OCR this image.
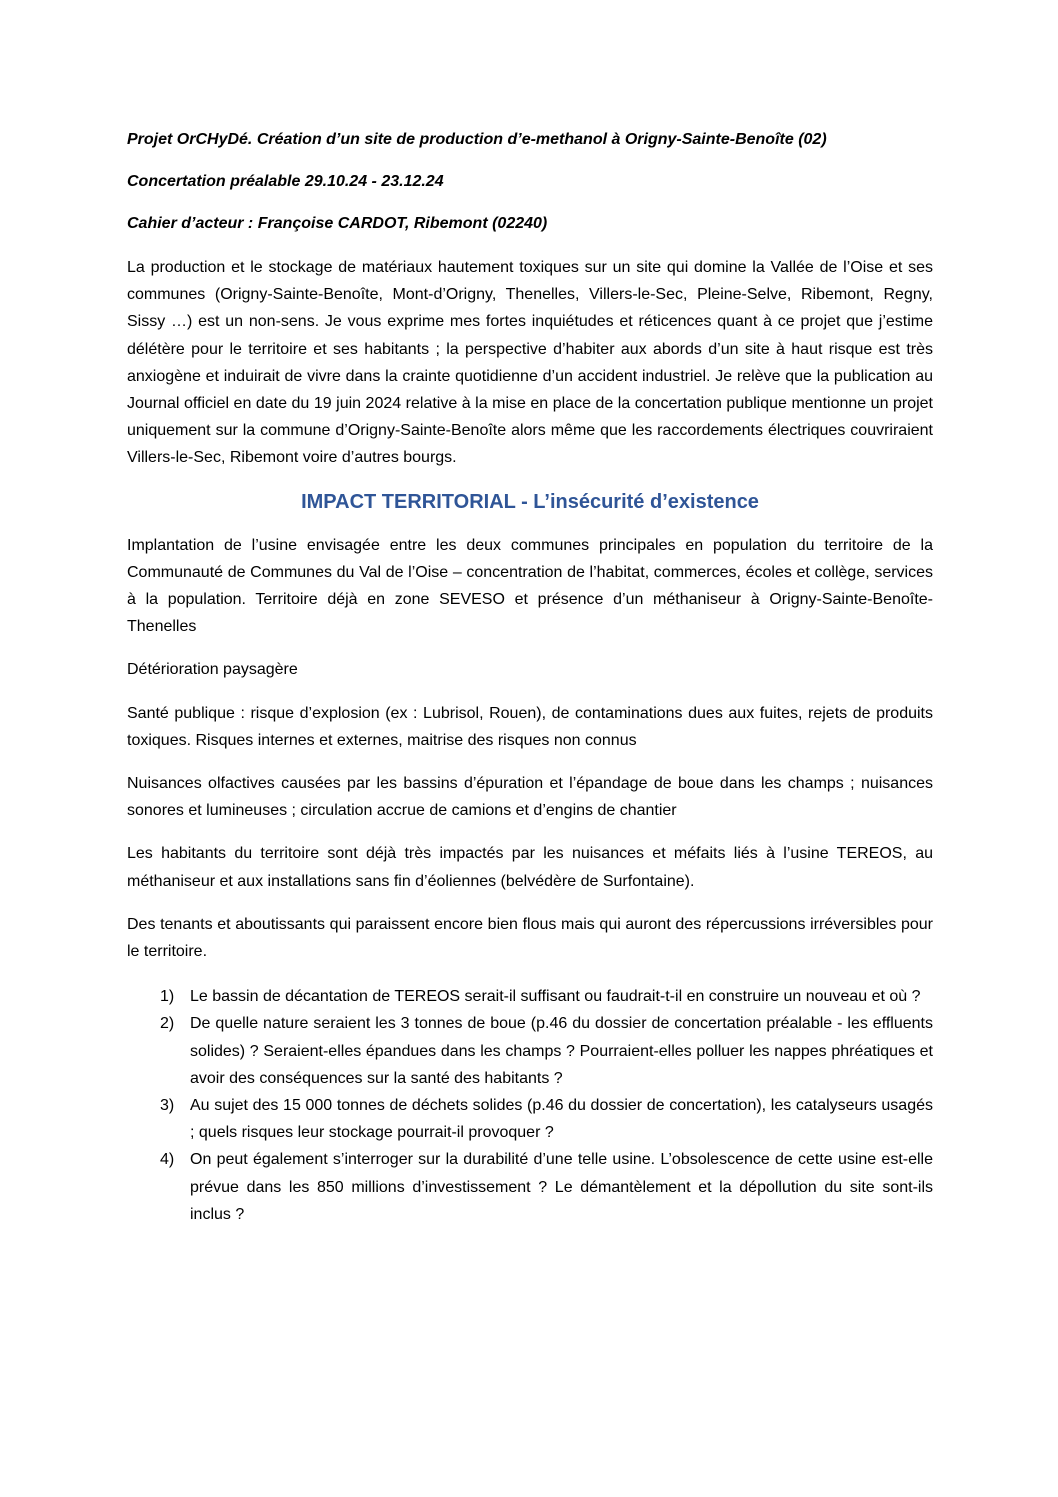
Projet OrCHyDé. Création d’un site de production d’e-methanol à Origny-Sainte-Benoîte (02)

Concertation préalable 29.10.24 - 23.12.24

Cahier d’acteur : Françoise CARDOT, Ribemont (02240)

La production et le stockage de matériaux hautement toxiques sur un site qui domine la Vallée de l’Oise et ses communes (Origny-Sainte-Benoîte, Mont-d’Origny, Thenelles, Villers-le-Sec, Pleine-Selve, Ribemont, Regny, Sissy …) est un non-sens. Je vous exprime mes fortes inquiétudes et réticences quant à ce projet que j’estime délétère pour le territoire et ses habitants ; la perspective d’habiter aux abords d’un site à haut risque est très anxiogène et induirait de vivre dans la crainte quotidienne d’un accident industriel. Je relève que la publication au Journal officiel en date du 19 juin 2024 relative à la mise en place de la concertation publique mentionne un projet uniquement sur la commune d’Origny-Sainte-Benoîte alors même que les raccordements électriques couvriraient Villers-le-Sec, Ribemont voire d’autres bourgs.

IMPACT TERRITORIAL - L’insécurité d’existence

Implantation de l’usine envisagée entre les deux communes principales en population du territoire de la Communauté de Communes du Val de l’Oise – concentration de l’habitat, commerces, écoles et collège, services à la population. Territoire déjà en zone SEVESO et présence d’un méthaniseur à Origny-Sainte-Benoîte-Thenelles

Détérioration paysagère

Santé publique : risque d’explosion (ex : Lubrisol, Rouen), de contaminations dues aux fuites, rejets de produits toxiques. Risques internes et externes, maitrise des risques non connus

Nuisances olfactives causées par les bassins d’épuration et l’épandage de boue dans les champs ; nuisances sonores et lumineuses ; circulation accrue de camions et d’engins de chantier

Les habitants du territoire sont déjà très impactés par les nuisances et méfaits liés à l’usine TEREOS, au méthaniseur et aux installations sans fin d’éoliennes (belvédère de Surfontaine).

Des tenants et aboutissants qui paraissent encore bien flous mais qui auront des répercussions irréversibles pour le territoire.

1) Le bassin de décantation de TEREOS serait-il suffisant ou faudrait-t-il en construire un nouveau et où ?
2) De quelle nature seraient les 3 tonnes de boue (p.46 du dossier de concertation préalable - les effluents solides) ? Seraient-elles épandues dans les champs ? Pourraient-elles polluer les nappes phréatiques et avoir des conséquences sur la santé des habitants ?
3) Au sujet des 15 000 tonnes de déchets solides (p.46 du dossier de concertation), les catalyseurs usagés ; quels risques leur stockage pourrait-il provoquer ?
4) On peut également s’interroger sur la durabilité d’une telle usine. L’obsolescence de cette usine est-elle prévue dans les 850 millions d’investissement ? Le démantèlement et la dépollution du site sont-ils inclus ?
